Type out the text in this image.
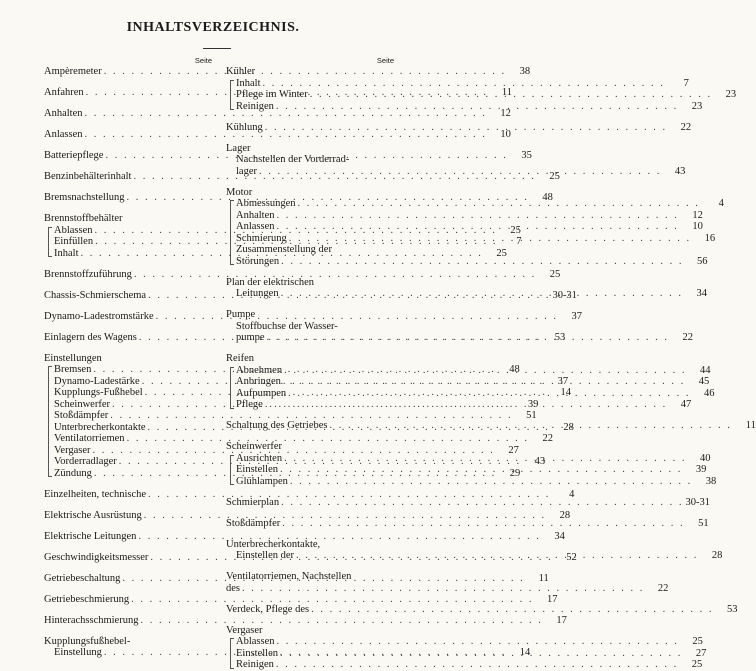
INHALTSVERZEICHNIS.
Seite
Ampèremeter . . .	38
Anfahren . . .	11
Anhalten . . .	12
Anlassen . . .	10
Batteriepflege . . .	35
Benzinbehälterinhalt . . .	25
Bremsnachstellung . . .	48
Brennstoffbehälter
Ablassen . . .	25
Einfüllen . . .	7
Inhalt . . .	25
Brennstoffzuführung . . .	25
Chassis-Schmierschema . . .	30-31
Dynamo-Ladestromstärke . . .	37
Einlagern des Wagens . . .	53
Einstellungen
Bremsen . . .	48
Dynamo-Ladestärke . . .	37
Kupplungs-Fußhebel . . .	14
Scheinwerfer . . .	39
Stoßdämpfer . . .	51
Unterbrecherkontakte . . .	28
Ventilatorriemen . . .	22
Vergaser . . .	27
Vorderradlager . . .	43
Zündung . . .	29
Einzelheiten, technische . . .	4
Elektrische Ausrüstung . . .	28
Elektrische Leitungen . . .	34
Geschwindigkeitsmesser . . .	52
Getriebeschaltung . . .	11
Getriebeschmierung . . .	17
Hinterachsschmierung . . .	17
Kupplungsfußhebel-
Einstellung . . .	14
Seite
Kühler
Inhalt . . .	7
Pflege im Winter . . .	23
Reinigen . . .	23
Kühlung . . .	22
Lager
Nachstellen der Vorderrad-
lager . . .	43
Motor
Abmessungen . . .	4
Anhalten . . .	12
Anlassen . . .	10
Schmierung . . .	16
Zusammenstellung der
Störungen . . .	56
Plan der elektrischen
Leitungen . . .	34
Pumpe
Stoffbuchse der Wasser-
pumpe . . .	22
Reifen
Abnehmen . . .	44
Anbringen . . .	45
Aufpumpen . . .	46
Pflege . . .	47
Schaltung des Getriebes . . .	11
Scheinwerfer
Ausrichten . . .	40
Einstellen . . .	39
Glühlampen . . .	38
Schmierplan . . .	30-31
Stoßdämpfer . . .	51
Unterbrecherkontakte,
Einstellen der . . .	28
Ventilatorriemen, Nachstellen
des . . .	22
Verdeck, Pflege des . . .	53
Vergaser
Ablassen . . .	25
Einstellen . . .	27
Reinigen . . .	25
